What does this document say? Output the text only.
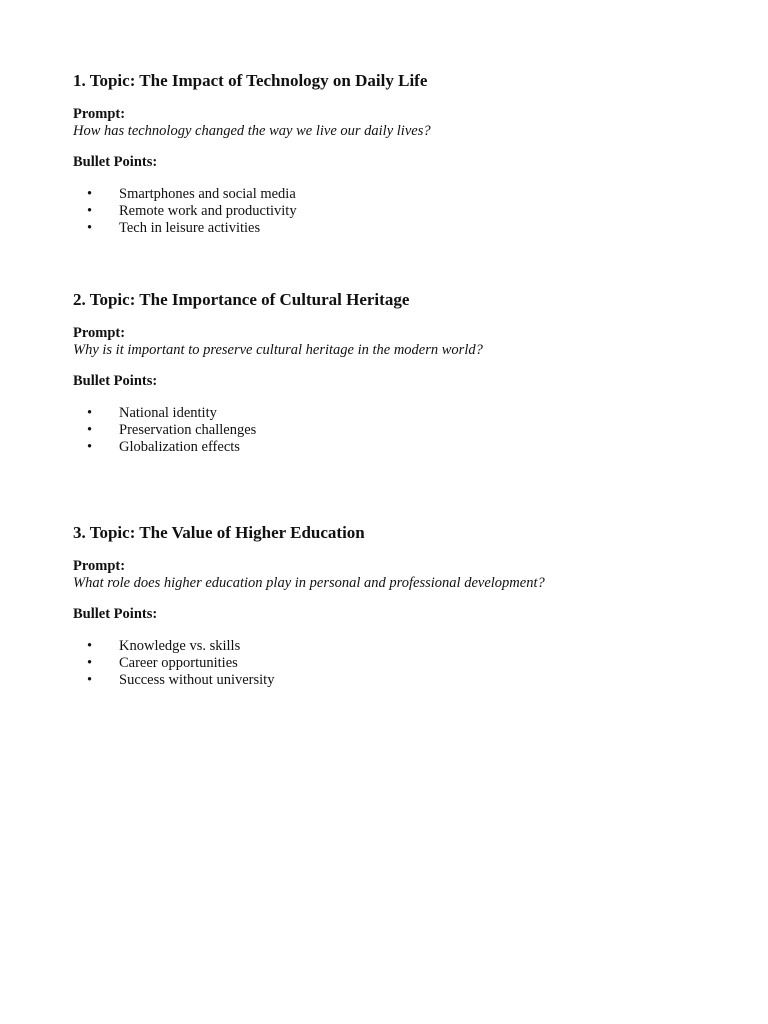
1. Topic: The Impact of Technology on Daily Life
Prompt:
How has technology changed the way we live our daily lives?
Bullet Points:
• Smartphones and social media
• Remote work and productivity
• Tech in leisure activities
2. Topic: The Importance of Cultural Heritage
Prompt:
Why is it important to preserve cultural heritage in the modern world?
Bullet Points:
• National identity
• Preservation challenges
• Globalization effects
3. Topic: The Value of Higher Education
Prompt:
What role does higher education play in personal and professional development?
Bullet Points:
• Knowledge vs. skills
• Career opportunities
• Success without university
